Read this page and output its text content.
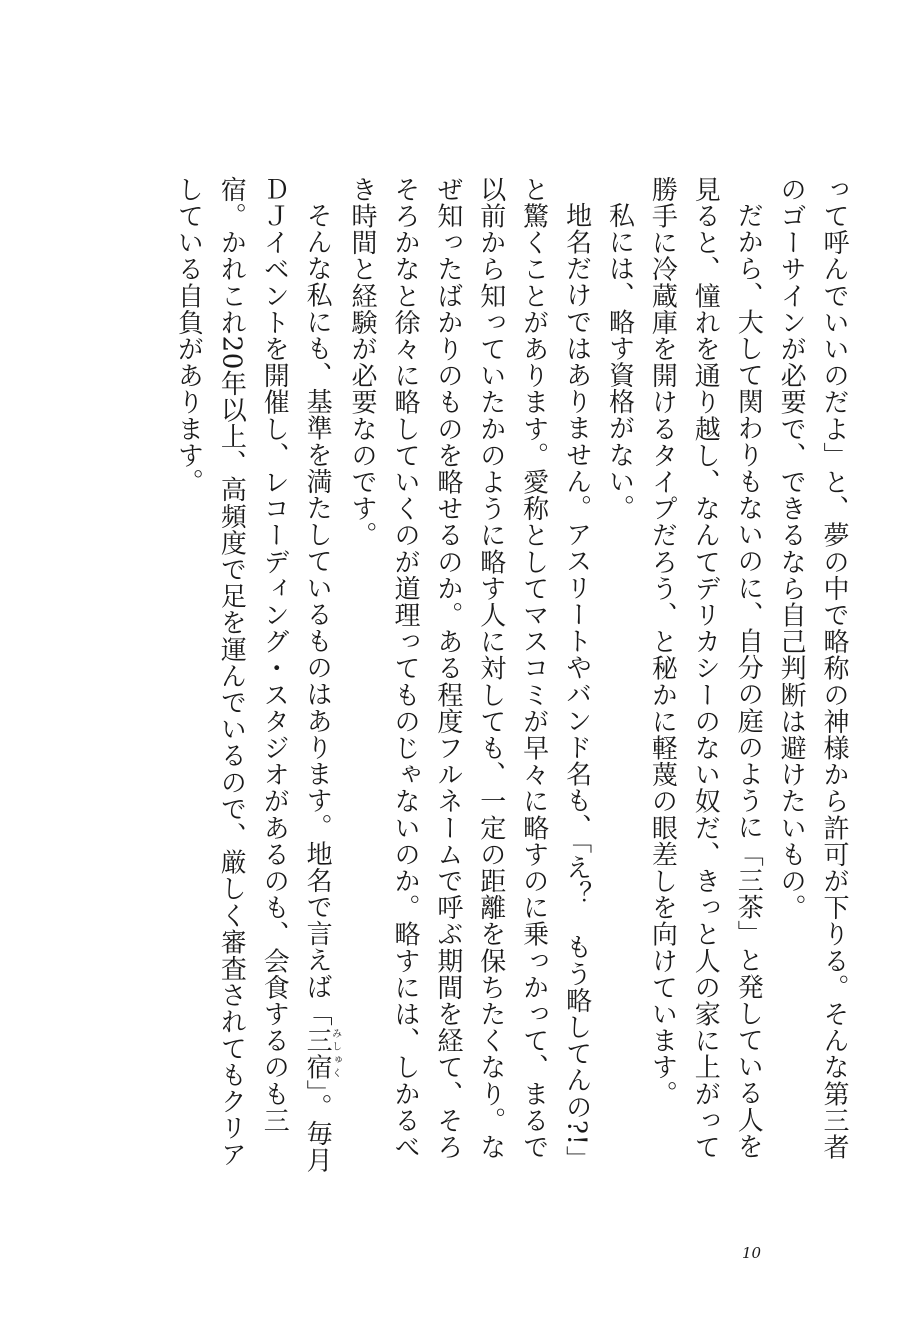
って呼んでいいのだよ」と、夢の中で略称の神様から許可が下りる。そんな第三者のゴーサインが必要で、できるなら自己判断は避けたいもの。

だから、大して関わりもないのに、自分の庭のように「三茶」と発している人を見ると、憧れを通り越し、なんてデリカシーのない奴だ、きっと人の家に上がって勝手に冷蔵庫を開けるタイプだろう、と秘かに軽蔑の眼差しを向けています。

私には、略す資格がない。

地名だけではありません。アスリートやバンド名も、「え？　もう略してんの?!」と驚くことがあります。愛称としてマスコミが早々に略すのに乗っかって、まるで以前から知っていたかのように略す人に対しても、一定の距離を保ちたくなり。なぜ知ったばかりのものを略せるのか。ある程度フルネームで呼ぶ期間を経て、そろそろかなと徐々に略していくのが道理ってものじゃないのか。略すには、しかるべき時間と経験が必要なのです。

そんな私にも、基準を満たしているものはあります。地名で言えば「三宿みしゅく」。毎月ＤＪイベントを開催し、レコーディング・スタジオがあるのも、会食するのも三宿。かれこれ20年以上、高頻度で足を運んでいるので、厳しく審査されてもクリアしている自負があります。

10
